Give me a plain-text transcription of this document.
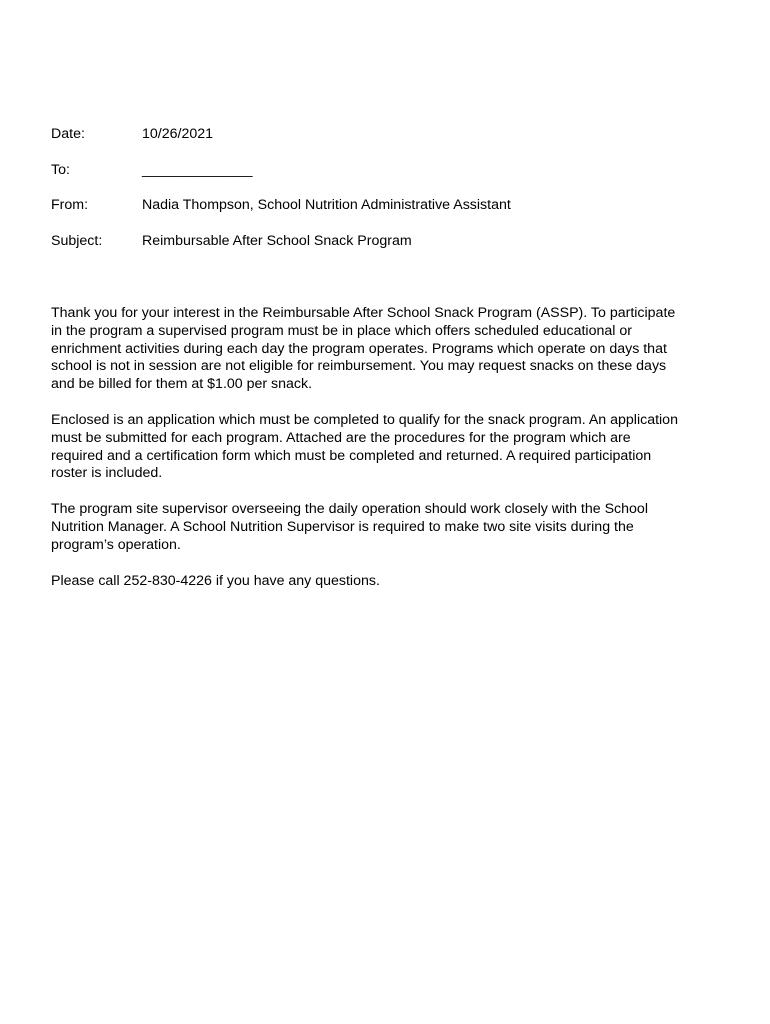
Date:	10/26/2021
To:	______________
From:	Nadia Thompson, School Nutrition Administrative Assistant
Subject:	Reimbursable After School Snack Program

Thank you for your interest in the Reimbursable After School Snack Program (ASSP). To participate
in the program a supervised program must be in place which offers scheduled educational or
enrichment activities during each day the program operates. Programs which operate on days that
school is not in session are not eligible for reimbursement. You may request snacks on these days
and be billed for them at $1.00 per snack.

Enclosed is an application which must be completed to qualify for the snack program. An application
must be submitted for each program. Attached are the procedures for the program which are
required and a certification form which must be completed and returned. A required participation
roster is included.

The program site supervisor overseeing the daily operation should work closely with the School
Nutrition Manager. A School Nutrition Supervisor is required to make two site visits during the
program’s operation.

Please call 252-830-4226 if you have any questions.
